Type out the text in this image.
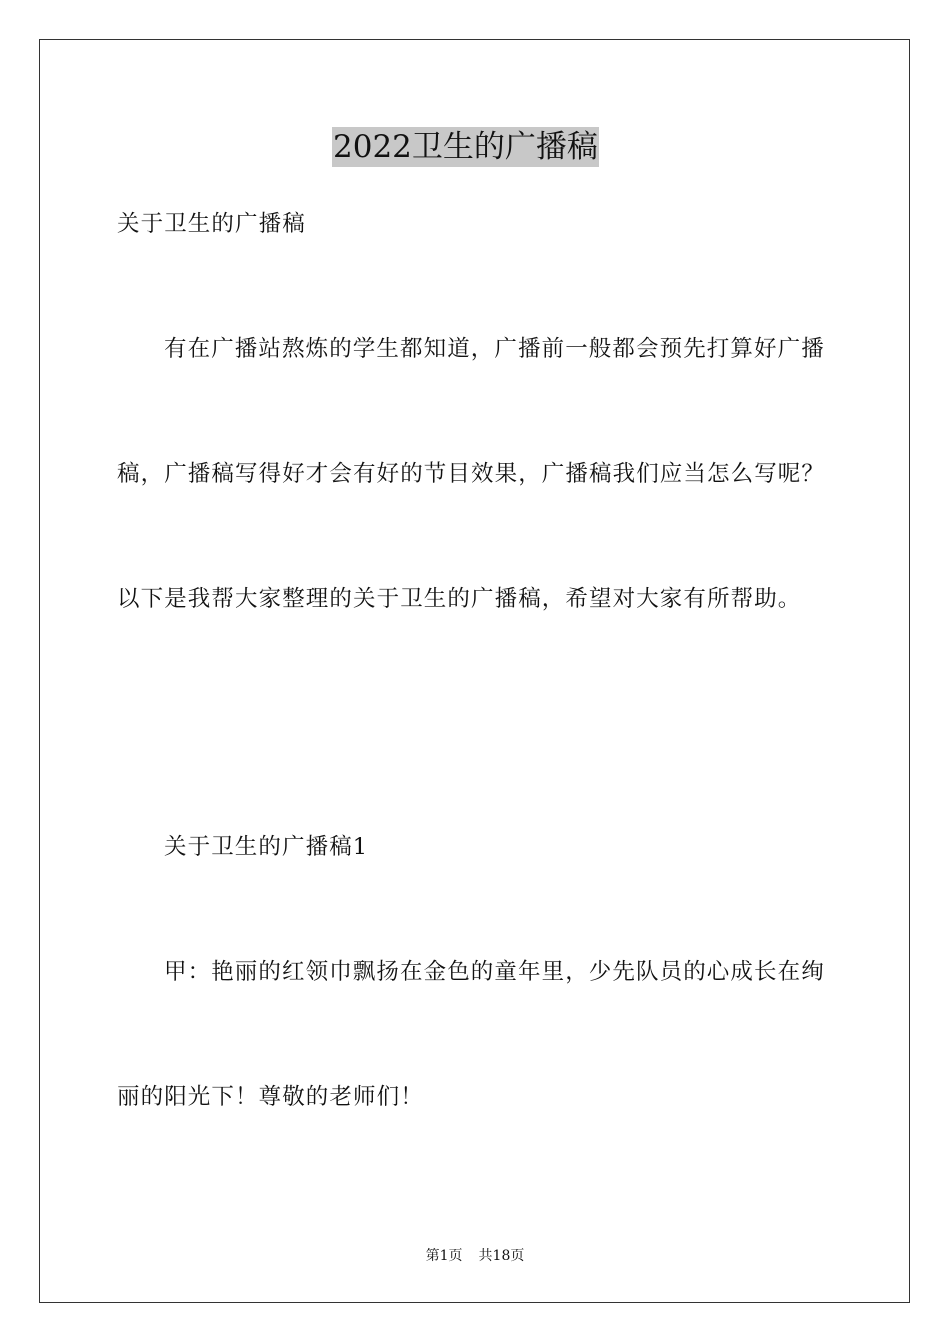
2022卫生的广播稿
关于卫生的广播稿
有在广播站熬炼的学生都知道，广播前一般都会预先打算好广播
稿，广播稿写得好才会有好的节目效果，广播稿我们应当怎么写呢？
以下是我帮大家整理的关于卫生的广播稿，希望对大家有所帮助。
关于卫生的广播稿1
甲：艳丽的红领巾飘扬在金色的童年里，少先队员的心成长在绚
丽的阳光下！尊敬的老师们！
第1页 共18页
